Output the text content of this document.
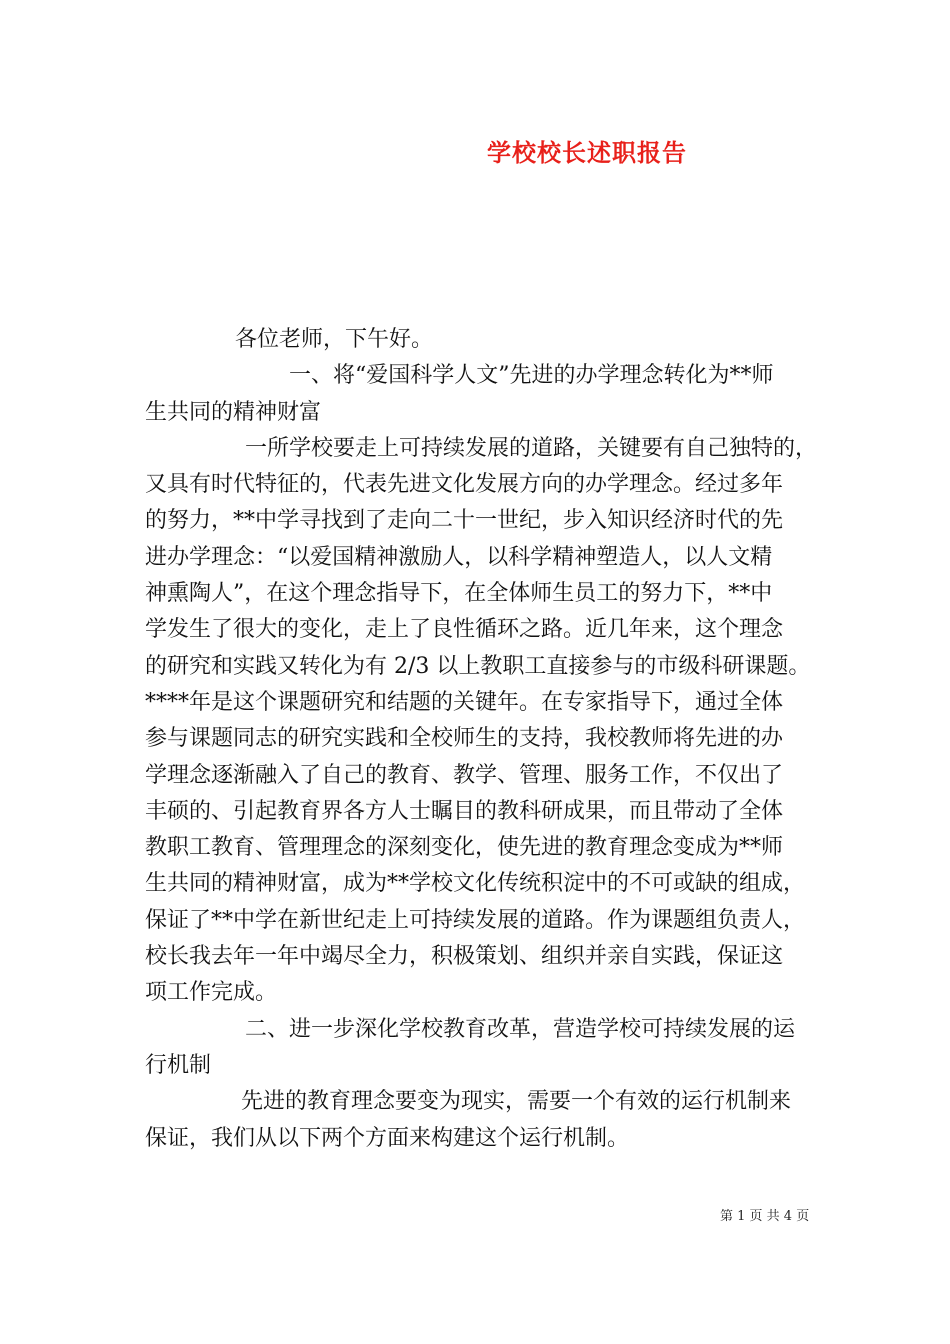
学校校长述职报告
各位老师，下午好。
一、将“爱国科学人文”先进的办学理念转化为**师
生共同的精神财富
一所学校要走上可持续发展的道路，关键要有自己独特的，
又具有时代特征的，代表先进文化发展方向的办学理念。经过多年
的努力，**中学寻找到了走向二十一世纪，步入知识经济时代的先
进办学理念：“以爱国精神激励人，以科学精神塑造人，以人文精
神熏陶人”，在这个理念指导下，在全体师生员工的努力下，**中
学发生了很大的变化，走上了良性循环之路。近几年来，这个理念
的研究和实践又转化为有 2/3 以上教职工直接参与的市级科研课题。
****年是这个课题研究和结题的关键年。在专家指导下，通过全体
参与课题同志的研究实践和全校师生的支持，我校教师将先进的办
学理念逐渐融入了自己的教育、教学、管理、服务工作，不仅出了
丰硕的、引起教育界各方人士瞩目的教科研成果，而且带动了全体
教职工教育、管理理念的深刻变化，使先进的教育理念变成为**师
生共同的精神财富，成为**学校文化传统积淀中的不可或缺的组成，
保证了**中学在新世纪走上可持续发展的道路。作为课题组负责人，
校长我去年一年中竭尽全力，积极策划、组织并亲自实践，保证这
项工作完成。
二、进一步深化学校教育改革，营造学校可持续发展的运
行机制
先进的教育理念要变为现实，需要一个有效的运行机制来
保证，我们从以下两个方面来构建这个运行机制。
第 1 页 共 4 页
